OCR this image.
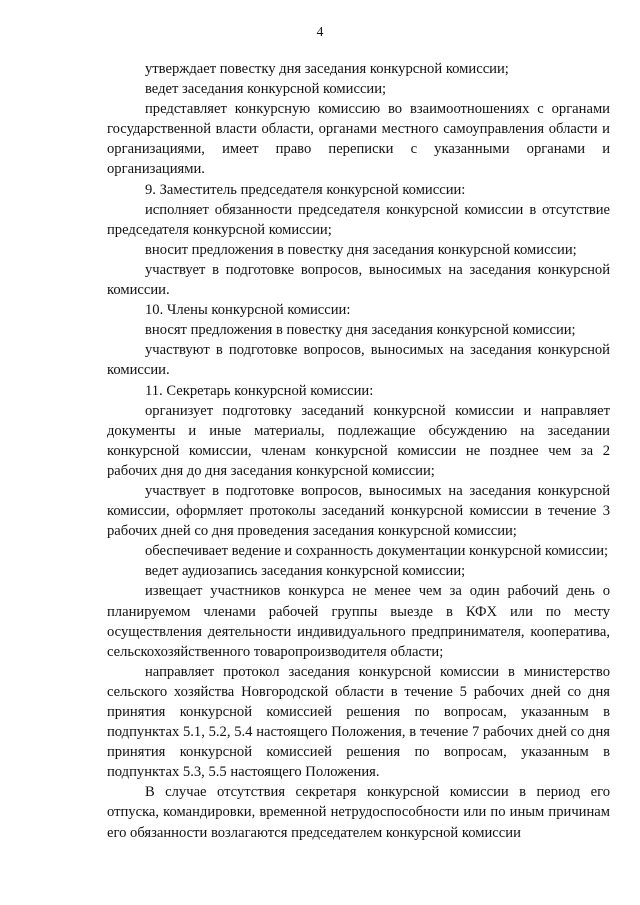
4

утверждает повестку дня заседания конкурсной комиссии;

ведет заседания конкурсной комиссии;

представляет конкурсную комиссию во взаимоотношениях с органами государственной власти области, органами местного самоуправления области и организациями, имеет право переписки с указанными органами и организациями.

9. Заместитель председателя конкурсной комиссии:

исполняет обязанности председателя конкурсной комиссии в отсутствие председателя конкурсной комиссии;

вносит предложения в повестку дня заседания конкурсной комиссии;

участвует в подготовке вопросов, выносимых на заседания конкурсной комиссии.

10. Члены конкурсной комиссии:

вносят предложения в повестку дня заседания конкурсной комиссии;

участвуют в подготовке вопросов, выносимых на заседания конкурсной комиссии.

11. Секретарь конкурсной комиссии:

организует подготовку заседаний конкурсной комиссии и направляет документы и иные материалы, подлежащие обсуждению на заседании конкурсной комиссии, членам конкурсной комиссии не позднее чем за 2 рабочих дня до дня заседания конкурсной комиссии;

участвует в подготовке вопросов, выносимых на заседания конкурсной комиссии, оформляет протоколы заседаний конкурсной комиссии в течение 3 рабочих дней со дня проведения заседания конкурсной комиссии;

обеспечивает ведение и сохранность документации конкурсной комиссии;

ведет аудиозапись заседания конкурсной комиссии;

извещает участников конкурса не менее чем за один рабочий день о планируемом членами рабочей группы выезде в КФХ или по месту осуществления деятельности индивидуального предпринимателя, кооператива, сельскохозяйственного товаропроизводителя области;

направляет протокол заседания конкурсной комиссии в министерство сельского хозяйства Новгородской области в течение 5 рабочих дней со дня принятия конкурсной комиссией решения по вопросам, указанным в подпунктах 5.1, 5.2, 5.4 настоящего Положения, в течение 7 рабочих дней со дня принятия конкурсной комиссией решения по вопросам, указанным в подпунктах 5.3, 5.5 настоящего Положения.

В случае отсутствия секретаря конкурсной комиссии в период его отпуска, командировки, временной нетрудоспособности или по иным причинам его обязанности возлагаются председателем конкурсной комиссии
